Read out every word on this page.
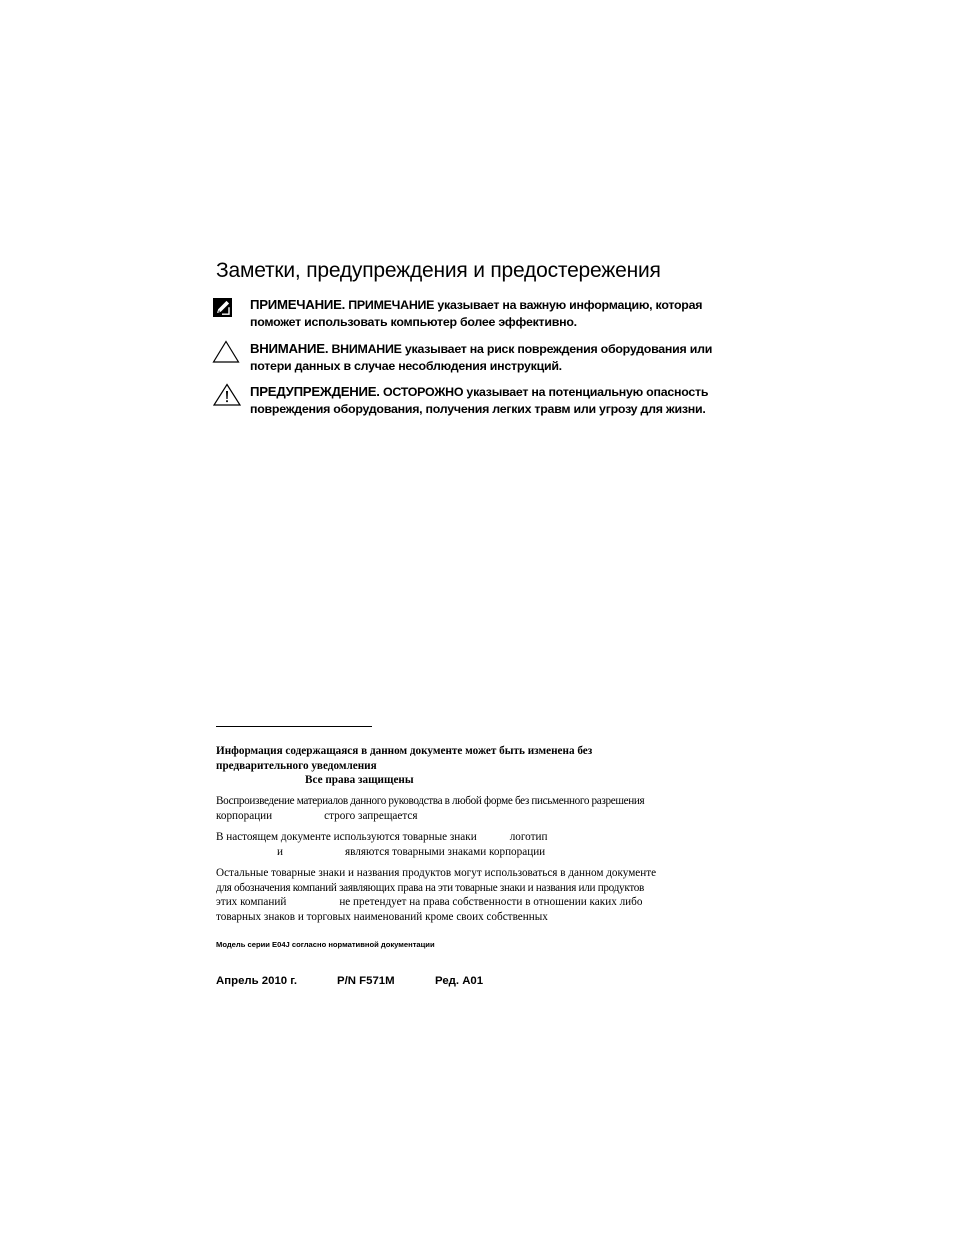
Заметки, предупреждения и предостережения
ПРИМЕЧАНИЕ. ПРИМЕЧАНИЕ указывает на важную информацию, которая
поможет использовать компьютер более эффективно.
ВНИМАНИЕ. ВНИМАНИЕ указывает на риск повреждения оборудования или
потери данных в случае несоблюдения инструкций.
ПРЕДУПРЕЖДЕНИЕ. ОСТОРОЖНО указывает на потенциальную опасность
повреждения оборудования, получения легких травм или угрозу для жизни.
Информация содержащаяся в данном документе может быть изменена без
предварительного уведомления
Все права защищены
Воспроизведение материалов данного руководства в любой форме без письменного разрешения
корпорации	строго запрещается
В настоящем документе используются товарные знаки	логотип
и	являются товарными знаками корпорации
Остальные товарные знаки и названия продуктов могут использоваться в данном документе
для обозначения компаний заявляющих права на эти товарные знаки и названия или продуктов
этих компаний	не претендует на права собственности в отношении каких либо
товарных знаков и торговых наименований кроме своих собственных
Модель серии E04J согласно нормативной документации
Апрель 2010 г.	P/N F571M	Ред. A01
